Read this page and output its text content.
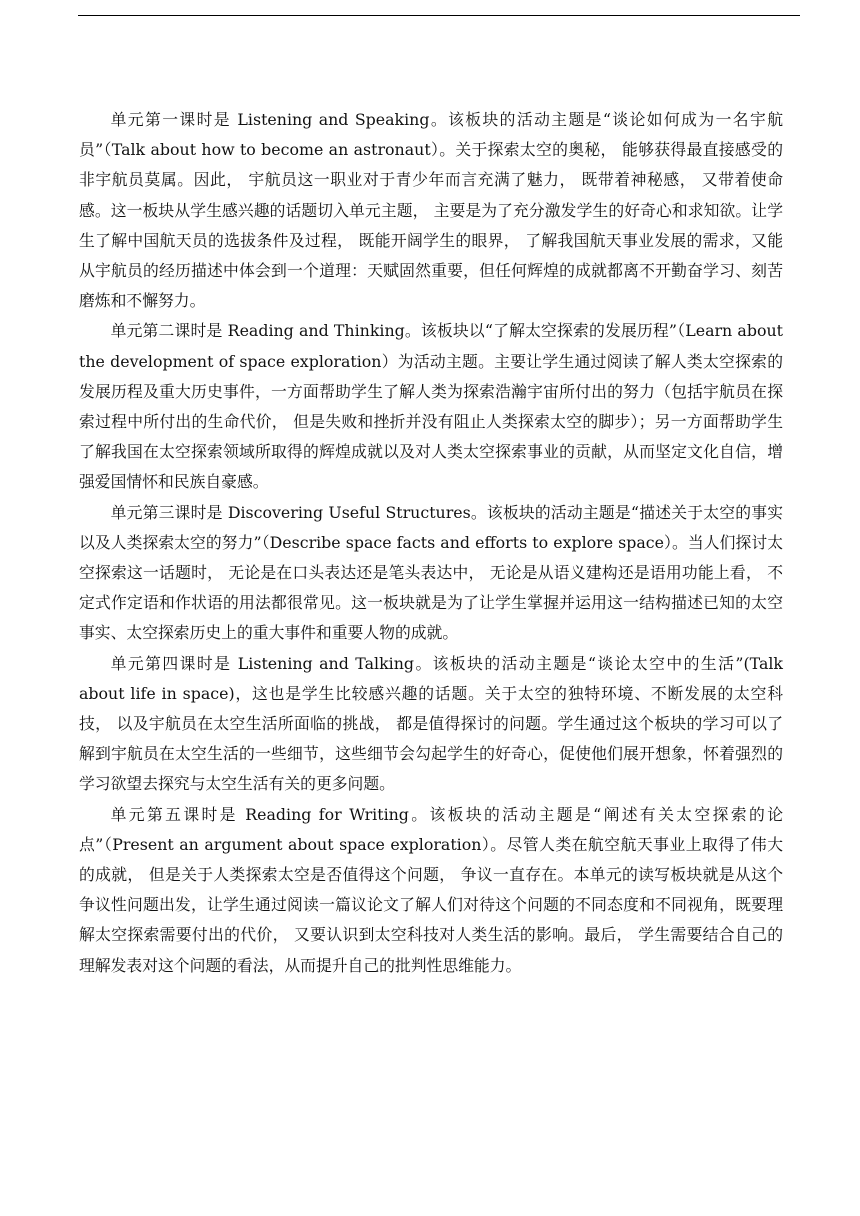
单元第一课时是 Listening and Speaking。该板块的活动主题是“谈论如何成为一名宇航员”（Talk about how to become an astronaut）。关于探索太空的奥秘， 能够获得最直接感受的非宇航员莫属。因此， 宇航员这一职业对于青少年而言充满了魅力， 既带着神秘感， 又带着使命感。这一板块从学生感兴趣的话题切入单元主题， 主要是为了充分激发学生的好奇心和求知欲。让学生了解中国航天员的选拔条件及过程， 既能开阔学生的眼界， 了解我国航天事业发展的需求，又能从宇航员的经历描述中体会到一个道理：天赋固然重要，但任何辉煌的成就都离不开勤奋学习、刻苦磨炼和不懈努力。

单元第二课时是 Reading and Thinking。该板块以“了解太空探索的发展历程”（Learn about the development of space exploration）为活动主题。主要让学生通过阅读了解人类太空探索的发展历程及重大历史事件，一方面帮助学生了解人类为探索浩瀚宇宙所付出的努力（包括宇航员在探索过程中所付出的生命代价， 但是失败和挫折并没有阻止人类探索太空的脚步）；另一方面帮助学生了解我国在太空探索领域所取得的辉煌成就以及对人类太空探索事业的贡献，从而坚定文化自信，增强爱国情怀和民族自豪感。

单元第三课时是 Discovering Useful Structures。该板块的活动主题是“描述关于太空的事实以及人类探索太空的努力”（Describe space facts and efforts to explore space）。当人们探讨太空探索这一话题时， 无论是在口头表达还是笔头表达中， 无论是从语义建构还是语用功能上看， 不定式作定语和作状语的用法都很常见。这一板块就是为了让学生掌握并运用这一结构描述已知的太空事实、太空探索历史上的重大事件和重要人物的成就。

单元第四课时是 Listening and Talking。该板块的活动主题是“谈论太空中的生活”(Talk about life in space)，这也是学生比较感兴趣的话题。关于太空的独特环境、不断发展的太空科技， 以及宇航员在太空生活所面临的挑战， 都是值得探讨的问题。学生通过这个板块的学习可以了解到宇航员在太空生活的一些细节，这些细节会勾起学生的好奇心，促使他们展开想象，怀着强烈的学习欲望去探究与太空生活有关的更多问题。

单元第五课时是 Reading for Writing。该板块的活动主题是“阐述有关太空探索的论点”（Present an argument about space exploration）。尽管人类在航空航天事业上取得了伟大的成就， 但是关于人类探索太空是否值得这个问题， 争议一直存在。本单元的读写板块就是从这个争议性问题出发，让学生通过阅读一篇议论文了解人们对待这个问题的不同态度和不同视角，既要理解太空探索需要付出的代价， 又要认识到太空科技对人类生活的影响。最后， 学生需要结合自己的理解发表对这个问题的看法，从而提升自己的批判性思维能力。
